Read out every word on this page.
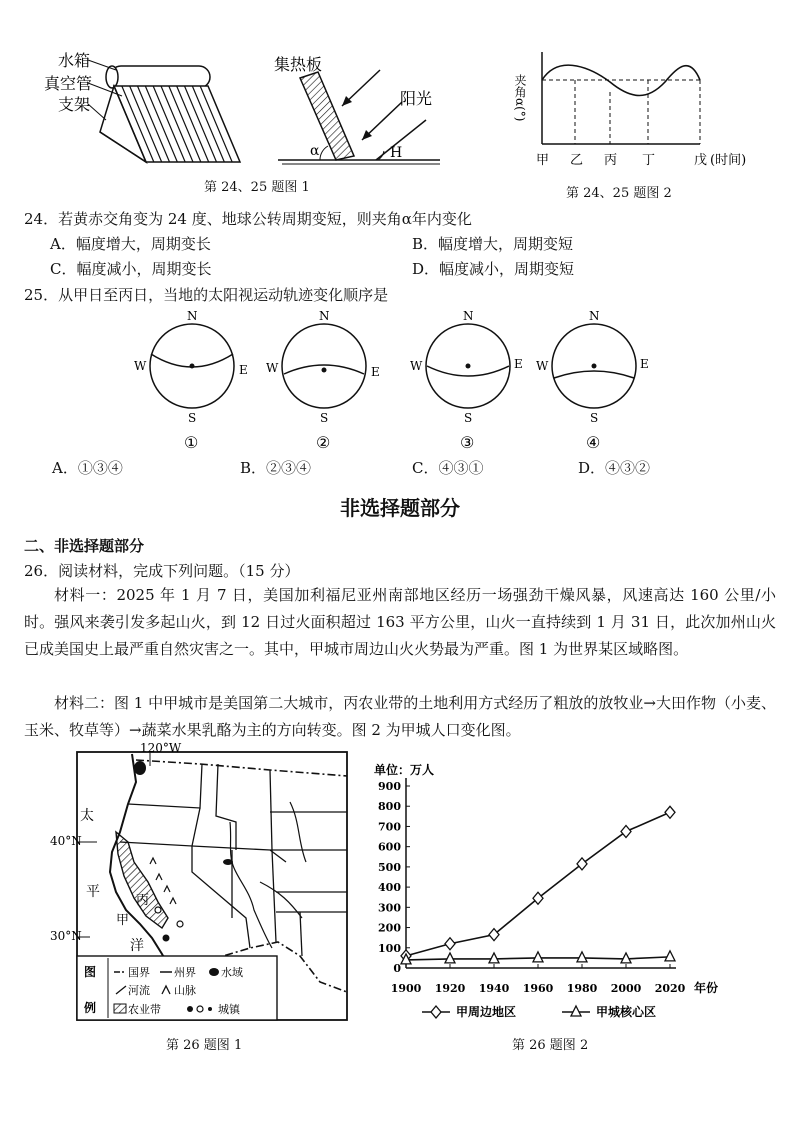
水箱
真空管
支架
集热板
阳光
α	H
第 24、25 题图 1
夹角α(°)
甲 乙 丙 丁	戊 (时间)
第 24、25 题图 2
24．若黄赤交角变为 24 度、地球公转周期变短，则夹角α年内变化
A．幅度增大，周期变长	B．幅度增大，周期变短
C．幅度减小，周期变长	D．幅度减小，周期变短
25．从甲日至丙日，当地的太阳视运动轨迹变化顺序是
N
S
W	E
①
N
S
W	E
②
N
S
W	E
③
N
S
W	E
④
A．①③④	B．②③④	C．④③①	D．④③②
非选择题部分
二、非选择题部分
26．阅读材料，完成下列问题。（15 分）
材料一：2025 年 1 月 7 日，美国加利福尼亚州南部地区经历一场强劲干燥风暴，风速高达 160 公里/小时。强风来袭引发多起山火，到 12 日过火面积超过 163 平方公里，山火一直持续到 1 月 31 日，此次加州山火已成美国史上最严重自然灾害之一。其中，甲城市周边山火火势最为严重。图 1 为世界某区域略图。
材料二：图 1 中甲城市是美国第二大城市，丙农业带的土地利用方式经历了粗放的放牧业→大田作物（小麦、玉米、牧草等）→蔬菜水果乳酪为主的方向转变。图 2 为甲城人口变化图。
120°W
40°N
30°N
太
平
洋
甲
丙
图
例
国界 州界 水域
河流 山脉
农业带	城镇
第 26 题图 1
单位：万人
0
100
200
300
400
500
600
700
800
900
1900 1920 1940 1960 1980 2000 2020 年份
甲周边地区	甲城核心区
第 26 题图 2
